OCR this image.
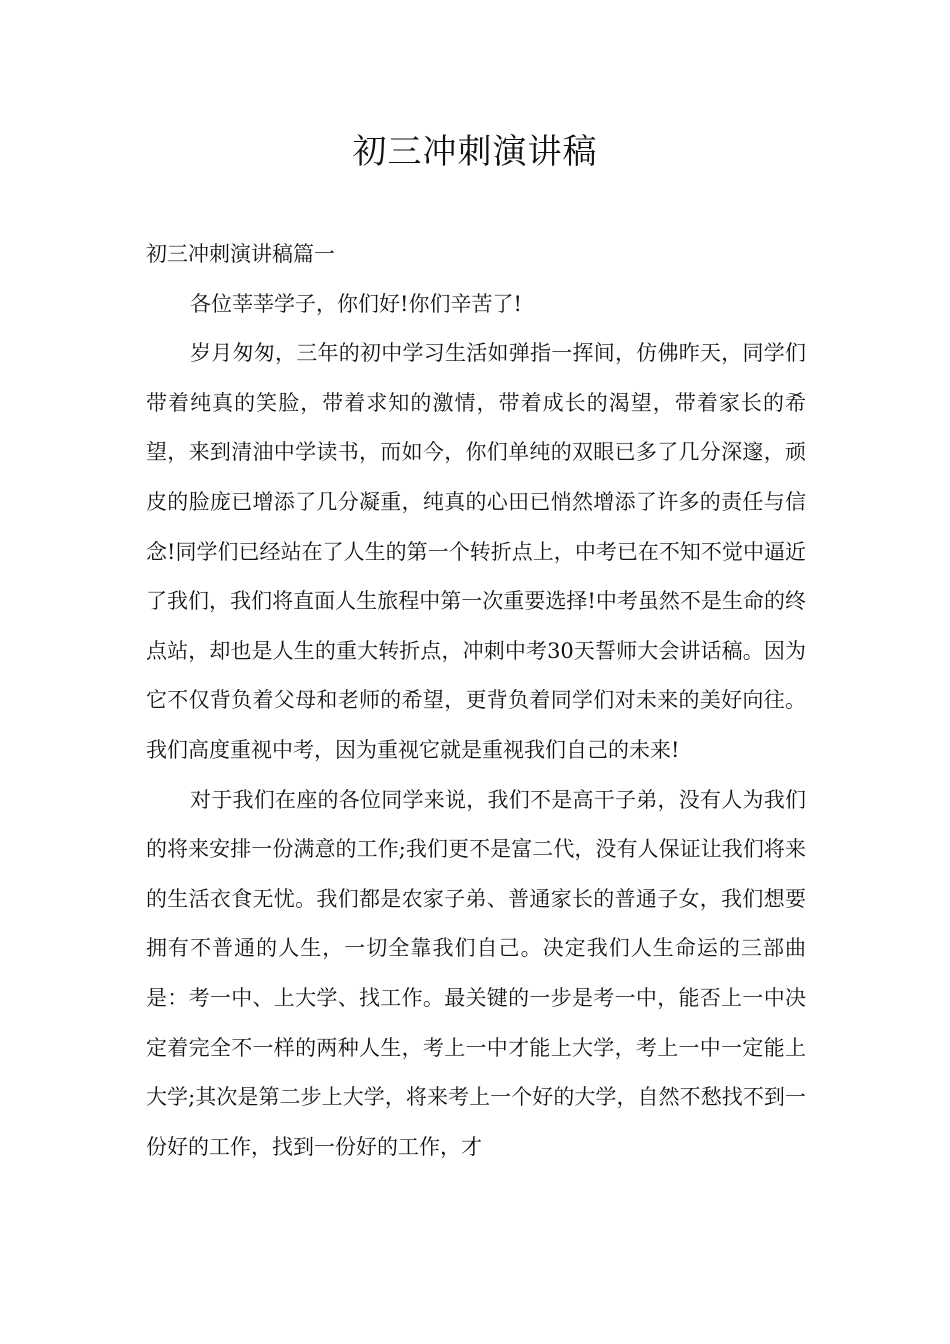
初三冲刺演讲稿

初三冲刺演讲稿篇一

各位莘莘学子，你们好!你们辛苦了!

岁月匆匆，三年的初中学习生活如弹指一挥间，仿佛昨天，同学们带着纯真的笑脸，带着求知的激情，带着成长的渴望，带着家长的希望，来到清油中学读书，而如今，你们单纯的双眼已多了几分深邃，顽皮的脸庞已增添了几分凝重，纯真的心田已悄然增添了许多的责任与信念!同学们已经站在了人生的第一个转折点上，中考已在不知不觉中逼近了我们，我们将直面人生旅程中第一次重要选择!中考虽然不是生命的终点站，却也是人生的重大转折点，冲刺中考30天誓师大会讲话稿。因为它不仅背负着父母和老师的希望，更背负着同学们对未来的美好向往。我们高度重视中考，因为重视它就是重视我们自己的未来!

对于我们在座的各位同学来说，我们不是高干子弟，没有人为我们的将来安排一份满意的工作;我们更不是富二代，没有人保证让我们将来的生活衣食无忧。我们都是农家子弟、普通家长的普通子女，我们想要拥有不普通的人生，一切全靠我们自己。决定我们人生命运的三部曲是：考一中、上大学、找工作。最关键的一步是考一中，能否上一中决定着完全不一样的两种人生，考上一中才能上大学，考上一中一定能上大学;其次是第二步上大学，将来考上一个好的大学，自然不愁找不到一份好的工作，找到一份好的工作，才
